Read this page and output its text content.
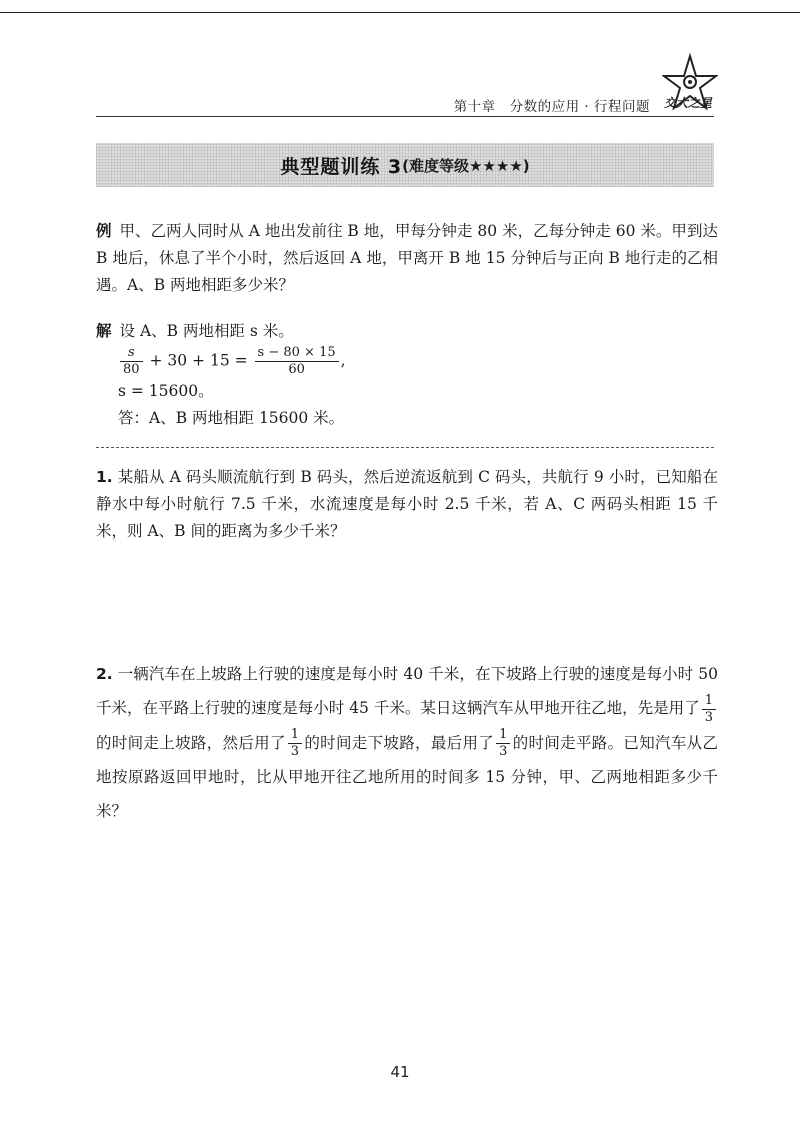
第十章　分数的应用 · 行程问题 交大之星
典型题训练 3 (难度等级★★★★)
例 甲、乙两人同时从 A 地出发前往 B 地，甲每分钟走 80 米，乙每分钟走 60 米。甲到达 B 地后，休息了半个小时，然后返回 A 地，甲离开 B 地 15 分钟后与正向 B 地行走的乙相遇。A、B 两地相距多少米？
解 设 A、B 两地相距 s 米。
$\frac{s}{80} + 30 + 15 = \frac{s - 80 \times 15}{60}$ ,
s = 15600。
答：A、B 两地相距 15600 米。
1. 某船从 A 码头顺流航行到 B 码头，然后逆流返航到 C 码头，共航行 9 小时，已知船在静水中每小时航行 7.5 千米，水流速度是每小时 2.5 千米，若 A、C 两码头相距 15 千米，则 A、B 间的距离为多少千米？
2. 一辆汽车在上坡路上行驶的速度是每小时 40 千米，在下坡路上行驶的速度是每小时 50 千米，在平路上行驶的速度是每小时 45 千米。某日这辆汽车从甲地开往乙地，先是用了 $\frac{1}{3}$
的时间走上坡路，然后用了 $\frac{1}{3}$ 的时间走下坡路，最后用了 $\frac{1}{3}$ 的时间走平路。已知汽车从乙地按原路返回甲地时，比从甲地开往乙地所用的时间多 15 分钟，甲、乙两地相距多少千米？
41
